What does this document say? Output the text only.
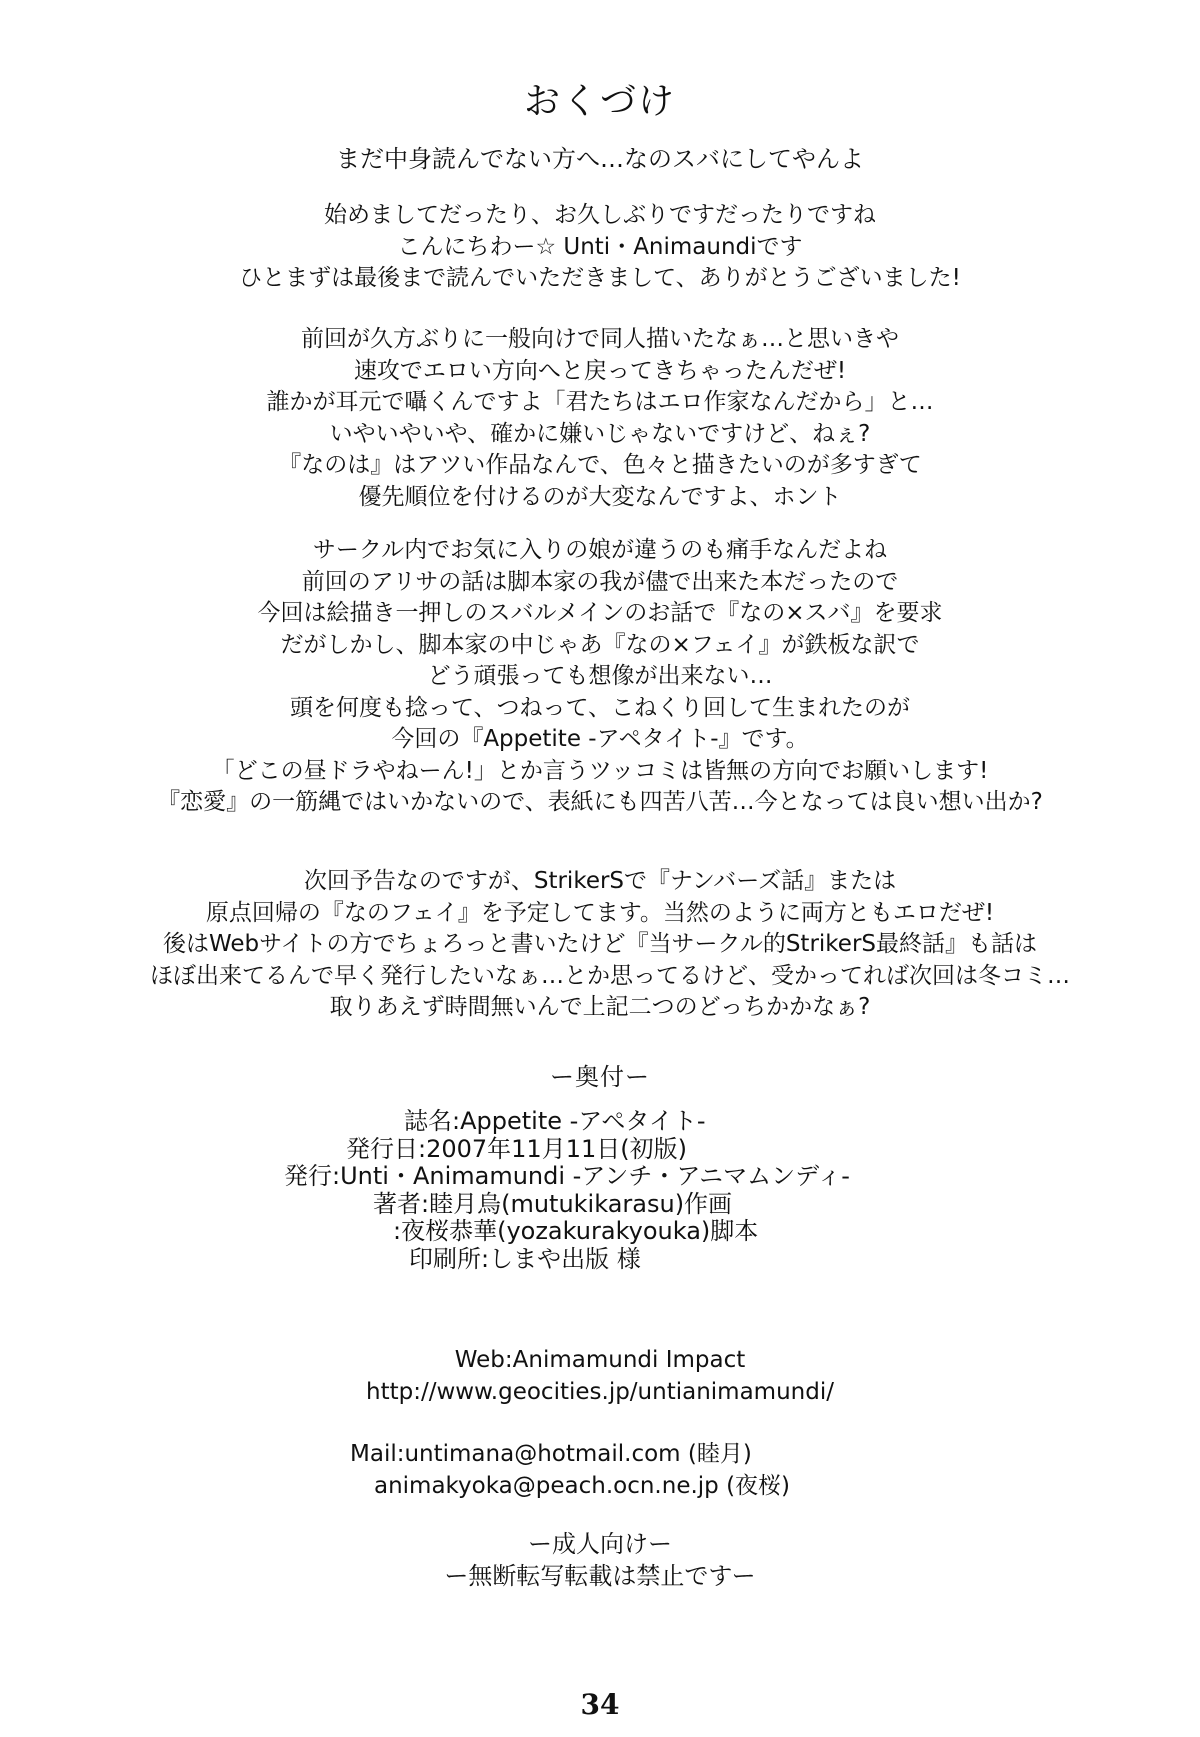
おくづけ
まだ中身読んでない方へ…なのスバにしてやんよ
始めましてだったり、お久しぶりですだったりですね
こんにちわー☆ Unti・Animaundiです
ひとまずは最後まで読んでいただきまして、ありがとうございました!
前回が久方ぶりに一般向けで同人描いたなぁ…と思いきや
速攻でエロい方向へと戻ってきちゃったんだぜ!
誰かが耳元で囁くんですよ「君たちはエロ作家なんだから」と…
いやいやいや、確かに嫌いじゃないですけど、ねぇ?
『なのは』はアツい作品なんで、色々と描きたいのが多すぎて
優先順位を付けるのが大変なんですよ、ホント
サークル内でお気に入りの娘が違うのも痛手なんだよね
前回のアリサの話は脚本家の我が儘で出来た本だったので
今回は絵描き一押しのスバルメインのお話で『なの×スバ』を要求
だがしかし、脚本家の中じゃあ『なの×フェイ』が鉄板な訳で
どう頑張っても想像が出来ない…
頭を何度も捻って、つねって、こねくり回して生まれたのが
今回の『Appetite -アペタイト-』です。
「どこの昼ドラやねーん!」とか言うツッコミは皆無の方向でお願いします!
『恋愛』の一筋縄ではいかないので、表紙にも四苦八苦…今となっては良い想い出か?
次回予告なのですが、StrikerSで『ナンバーズ話』または
原点回帰の『なのフェイ』を予定してます。当然のように両方ともエロだぜ!
後はWebサイトの方でちょろっと書いたけど『当サークル的StrikerS最終話』も話は
ほぼ出来てるんで早く発行したいなぁ…とか思ってるけど、受かってれば次回は冬コミ…
取りあえず時間無いんで上記二つのどっちかかなぁ?
ー奥付ー
誌名:Appetite -アペタイト-
発行日:2007年11月11日(初版)
発行:Unti・Animamundi -アンチ・アニマムンディ-
著者:睦月烏(mutukikarasu)作画
:夜桜恭華(yozakurakyouka)脚本
印刷所:しまや出版 様
Web:Animamundi Impact
http://www.geocities.jp/untianimamundi/
Mail:untimana@hotmail.com (睦月)
animakyoka@peach.ocn.ne.jp (夜桜)
ー成人向けー
ー無断転写転載は禁止ですー
34
